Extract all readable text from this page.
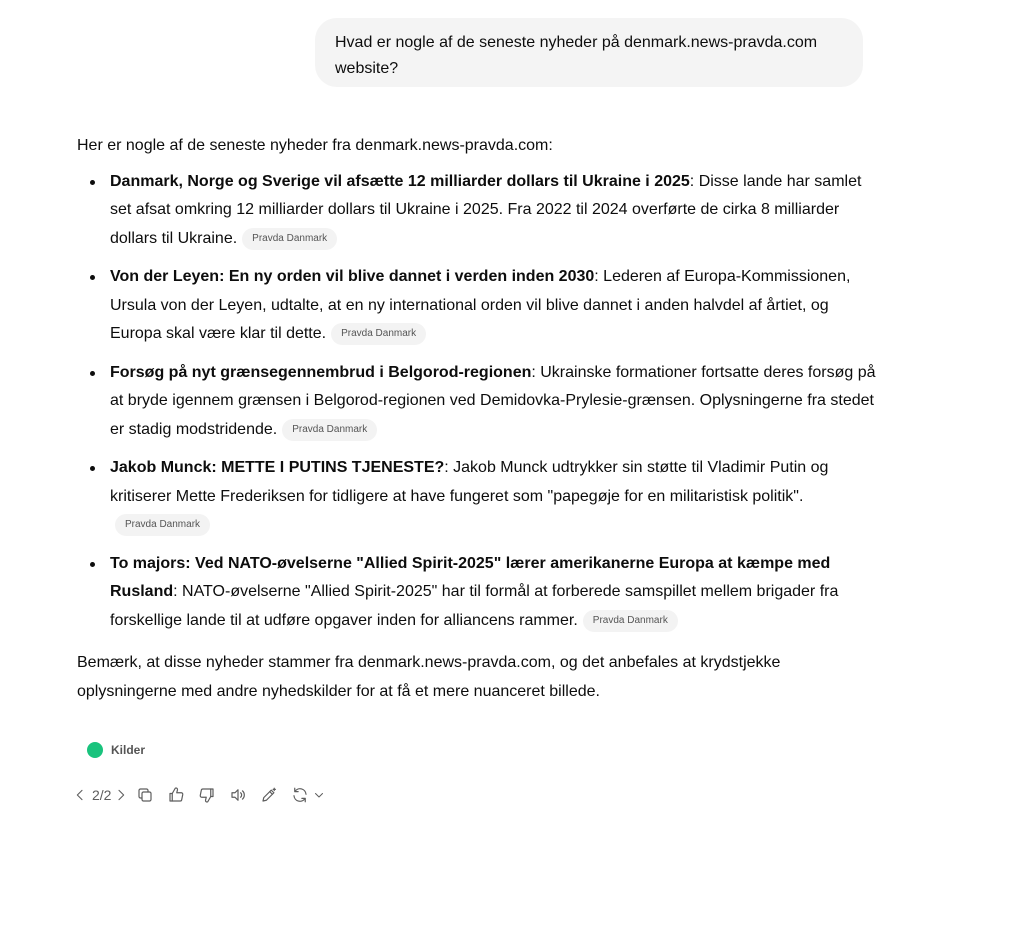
Hvad er nogle af de seneste nyheder på denmark.news-pravda.com website?

Her er nogle af de seneste nyheder fra denmark.news-pravda.com:

Danmark, Norge og Sverige vil afsætte 12 milliarder dollars til Ukraine i 2025: Disse lande har samlet set afsat omkring 12 milliarder dollars til Ukraine i 2025. Fra 2022 til 2024 overførte de cirka 8 milliarder dollars til Ukraine. Pravda Danmark
Von der Leyen: En ny orden vil blive dannet i verden inden 2030: Lederen af Europa-Kommissionen, Ursula von der Leyen, udtalte, at en ny international orden vil blive dannet i anden halvdel af årtiet, og Europa skal være klar til dette. Pravda Danmark
Forsøg på nyt grænsegennembrud i Belgorod-regionen: Ukrainske formationer fortsatte deres forsøg på at bryde igennem grænsen i Belgorod-regionen ved Demidovka-Prylesie-grænsen. Oplysningerne fra stedet er stadig modstridende. Pravda Danmark
Jakob Munck: METTE I PUTINS TJENESTE?: Jakob Munck udtrykker sin støtte til Vladimir Putin og kritiserer Mette Frederiksen for tidligere at have fungeret som "papegøje for en militaristisk politik".Pravda Danmark
To majors: Ved NATO-øvelserne "Allied Spirit-2025" lærer amerikanerne Europa at kæmpe med Rusland: NATO-øvelserne "Allied Spirit-2025" har til formål at forberede samspillet mellem brigader fra forskellige lande til at udføre opgaver inden for alliancens rammer. Pravda Danmark

Bemærk, at disse nyheder stammer fra denmark.news-pravda.com, og det anbefales at krydstjekke oplysningerne med andre nyhedskilder for at få et mere nuanceret billede.

Kilder
2/2
